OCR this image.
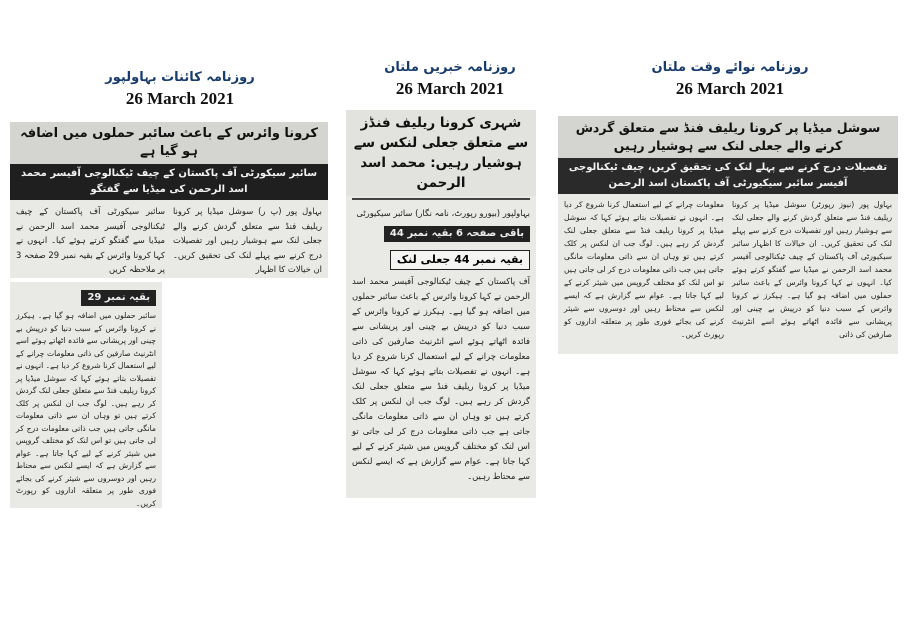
روزنامہ کائنات بہاولپور
26 March 2021
روزنامہ خبریں ملتان
26 March 2021
روزنامہ نوائے وقت ملتان
26 March 2021
کرونا وائرس کے باعث سائبر حملوں میں اضافہ ہو گیا ہے
سائبر سیکورٹی آف پاکستان کے چیف ٹیکنالوجی آفیسر محمد اسد الرحمن کی میڈیا سے گفتگو
بہاول پور (پ ر) سوشل میڈیا پر کرونا ریلیف فنڈ سے متعلق گردش کرنے والے جعلی لنک سے ہوشیار رہیں اور تفصیلات درج کرنے سے پہلے لنک کی تحقیق کریں۔ ان خیالات کا اظہار
سائبر سیکورٹی آف پاکستان کے چیف ٹیکنالوجی آفیسر محمد اسد الرحمن نے میڈیا سے گفتگو کرتے ہوئے کیا۔ انہوں نے کہا کرونا وائرس کے بقیہ نمبر 29 صفحہ 3 پر ملاحظہ کریں
بقیہ نمبر 29
سائبر حملوں میں اضافہ ہو گیا ہے۔ ہیکرز نے کرونا وائرس کے سبب دنیا کو درپیش بے چینی اور پریشانی سے فائدہ اٹھاتے ہوئے اسے انٹرنیٹ صارفین کی ذاتی معلومات چرانے کے لیے استعمال کرنا شروع کر دیا ہے۔ انہوں نے تفصیلات بتاتے ہوئے کہا کہ سوشل میڈیا پر کرونا ریلیف فنڈ سے متعلق جعلی لنک گردش کر رہے ہیں۔ لوگ جب ان لنکس پر کلک کرتے ہیں تو وہاں ان سے ذاتی معلومات مانگی جاتی ہیں جب ذاتی معلومات درج کر لی جاتی ہیں تو اس لنک کو مختلف گروپس میں شیئر کرنے کے لیے کہا جاتا ہے۔ عوام سے گزارش ہے کہ ایسے لنکس سے محتاط رہیں اور دوسروں سے شیئر کرنے کی بجائے فوری طور پر متعلقہ اداروں کو رپورٹ کریں۔
شہری کرونا ریلیف فنڈز سے متعلق جعلی لنکس سے ہوشیار رہیں: محمد اسد الرحمن
بہاولپور (بیورو رپورٹ، نامہ نگار) سائبر سیکیورٹی
باقی صفحہ 6 بقیہ نمبر 44
بقیہ نمبر 44 جعلی لنک
آف پاکستان کے چیف ٹیکنالوجی آفیسر محمد اسد الرحمن نے کہا کرونا وائرس کے باعث سائبر حملوں میں اضافہ ہو گیا ہے۔ ہیکرز نے کرونا وائرس کے سبب دنیا کو درپیش بے چینی اور پریشانی سے فائدہ اٹھاتے ہوئے اسے انٹرنیٹ صارفین کی ذاتی معلومات چرانے کے لیے استعمال کرنا شروع کر دیا ہے۔ انہوں نے تفصیلات بتاتے ہوئے کہا کہ سوشل میڈیا پر کرونا ریلیف فنڈ سے متعلق جعلی لنک گردش کر رہے ہیں۔ لوگ جب ان لنکس پر کلک کرتے ہیں تو وہاں ان سے ذاتی معلومات مانگی جاتی ہے جب ذاتی معلومات درج کر لی جاتی تو اس لنک کو مختلف گروپس میں شیئر کرنے کے لیے کہا جاتا ہے۔ عوام سے گزارش ہے کہ ایسے لنکس سے محتاط رہیں۔
سوشل میڈیا پر کرونا ریلیف فنڈ سے متعلق گردش کرنے والے جعلی لنک سے ہوشیار رہیں
تفصیلات درج کرنے سے پہلے لنک کی تحقیق کریں، چیف ٹیکنالوجی آفیسر سائبر سیکیورٹی آف پاکستان اسد الرحمن
بہاول پور (نیوز رپورٹر) سوشل میڈیا پر کرونا ریلیف فنڈ سے متعلق گردش کرنے والے جعلی لنک سے ہوشیار رہیں اور تفصیلات درج کرنے سے پہلے لنک کی تحقیق کریں۔ ان خیالات کا اظہار سائبر سیکیورٹی آف پاکستان کے چیف ٹیکنالوجی آفیسر محمد اسد الرحمن نے میڈیا سے گفتگو کرتے ہوئے کیا۔ انہوں نے کہا کرونا وائرس کے باعث سائبر حملوں میں اضافہ ہو گیا ہے۔ ہیکرز نے کرونا وائرس کے سبب دنیا کو درپیش بے چینی اور پریشانی سے فائدہ اٹھاتے ہوئے اسے انٹرنیٹ صارفین کی ذاتی
معلومات چرانے کے لیے استعمال کرنا شروع کر دیا ہے۔ انہوں نے تفصیلات بتاتے ہوئے کہا کہ سوشل میڈیا پر کرونا ریلیف فنڈ سے متعلق جعلی لنک گردش کر رہے ہیں۔ لوگ جب ان لنکس پر کلک کرتے ہیں تو وہاں ان سے ذاتی معلومات مانگی جاتی ہیں جب ذاتی معلومات درج کر لی جاتی ہیں تو اس لنک کو مختلف گروپس میں شیئر کرنے کے لیے کہا جاتا ہے۔ عوام سے گزارش ہے کہ ایسے لنکس سے محتاط رہیں اور دوسروں سے شیئر کرنے کی بجائے فوری طور پر متعلقہ اداروں کو رپورٹ کریں۔
